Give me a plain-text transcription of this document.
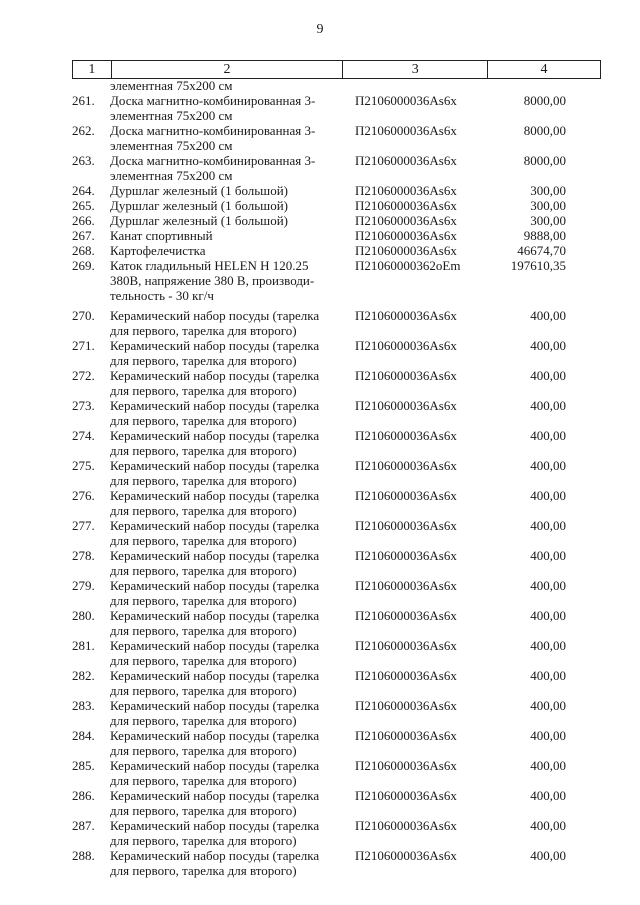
9
1	2	3	4
элементная 75х200 см
261. Доска магнитно-комбинированная 3-
элементная 75х200 см
П2106000036Аs6х	8000,00
262. Доска магнитно-комбинированная 3-
элементная 75х200 см
П2106000036Аs6х	8000,00
263. Доска магнитно-комбинированная 3-
элементная 75х200 см
П2106000036Аs6х	8000,00
264. Дуршлаг железный (1 большой)	П2106000036Аs6х	300,00
265. Дуршлаг железный (1 большой)	П2106000036Аs6х	300,00
266. Дуршлаг железный (1 большой)	П2106000036Аs6х	300,00
267. Канат спортивный	П2106000036Аs6х	9888,00
268. Картофелечистка	П2106000036Аs6х	46674,70
269. Каток гладильный HELEN H 120.25
380В, напряжение 380 В, производи-
тельность - 30 кг/ч
П21060000362оЕm	197610,35
270. Керамический набор посуды (тарелка
для первого, тарелка для второго)
П2106000036Аs6х	400,00
271. Керамический набор посуды (тарелка
для первого, тарелка для второго)
П2106000036Аs6х	400,00
272. Керамический набор посуды (тарелка
для первого, тарелка для второго)
П2106000036Аs6х	400,00
273. Керамический набор посуды (тарелка
для первого, тарелка для второго)
П2106000036Аs6х	400,00
274. Керамический набор посуды (тарелка
для первого, тарелка для второго)
П2106000036Аs6х	400,00
275. Керамический набор посуды (тарелка
для первого, тарелка для второго)
П2106000036Аs6х	400,00
276. Керамический набор посуды (тарелка
для первого, тарелка для второго)
П2106000036Аs6х	400,00
277. Керамический набор посуды (тарелка
для первого, тарелка для второго)
П2106000036Аs6х	400,00
278. Керамический набор посуды (тарелка
для первого, тарелка для второго)
П2106000036Аs6х	400,00
279. Керамический набор посуды (тарелка
для первого, тарелка для второго)
П2106000036Аs6х	400,00
280. Керамический набор посуды (тарелка
для первого, тарелка для второго)
П2106000036Аs6х	400,00
281. Керамический набор посуды (тарелка
для первого, тарелка для второго)
П2106000036Аs6х	400,00
282. Керамический набор посуды (тарелка
для первого, тарелка для второго)
П2106000036Аs6х	400,00
283. Керамический набор посуды (тарелка
для первого, тарелка для второго)
П2106000036Аs6х	400,00
284. Керамический набор посуды (тарелка
для первого, тарелка для второго)
П2106000036Аs6х	400,00
285. Керамический набор посуды (тарелка
для первого, тарелка для второго)
П2106000036Аs6х	400,00
286. Керамический набор посуды (тарелка
для первого, тарелка для второго)
П2106000036Аs6х	400,00
287. Керамический набор посуды (тарелка
для первого, тарелка для второго)
П2106000036Аs6х	400,00
288. Керамический набор посуды (тарелка
для первого, тарелка для второго)
П2106000036Аs6х	400,00
